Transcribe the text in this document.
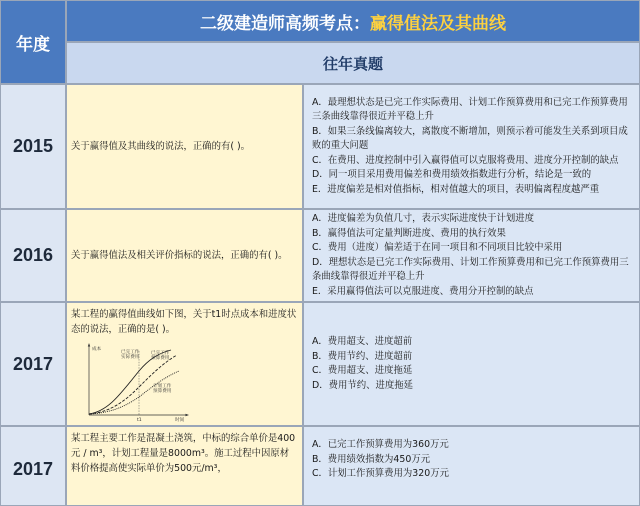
年度
二级建造师高频考点： 赢得值法及其曲线
往年真题
2015	关于赢得值及其曲线的说法，正确的有( )。
A．最理想状态是已完工作实际费用、计划工作预算费用和已完工作预算费用三条曲线靠得很近并平稳上升
B．如果三条线偏离较大，离散度不断增加，则预示着可能发生关系到项目成败的重大问题
C．在费用、进度控制中引入赢得值可以克服将费用、进度分开控制的缺点
D．同一项目采用费用偏差和费用绩效指数进行分析，结论是一致的
E．进度偏差是相对值指标，相对值越大的项目，表明偏离程度越严重
2016	关于赢得值法及相关评价指标的说法，正确的有( )。
A．进度偏差为负值几寸，表示实际进度快于计划进度
B．赢得值法可定量判断进度、费用的执行效果
C．费用（进度）偏差适于在同一项目和不同项目比较中采用
D．理想状态是已完工作实际费用、计划工作预算费用和已完工作预算费用三条曲线靠得很近并平稳上升
E．采用赢得值法可以克服进度、费用分开控制的缺点
2017
某工程的赢得值曲线如下图，关于t1时点成本和进度状态的说法，正确的是( )。
成本
时间
t1
已完工作
实际费用
已完工作
预算费用
计划工作
预算费用
A．费用超支、进度超前
B．费用节约、进度超前
C．费用超支、进度拖延
D．费用节约、进度拖延
2017
某工程主要工作是混凝土浇筑，中标的综合单价是400元 / m³，计划工程量是8000m³。施工过程中因原材料价格提高使实际单价为500元/m³，
A．已完工作预算费用为360万元
B．费用绩效指数为450万元
C．计划工作预算费用为320万元
